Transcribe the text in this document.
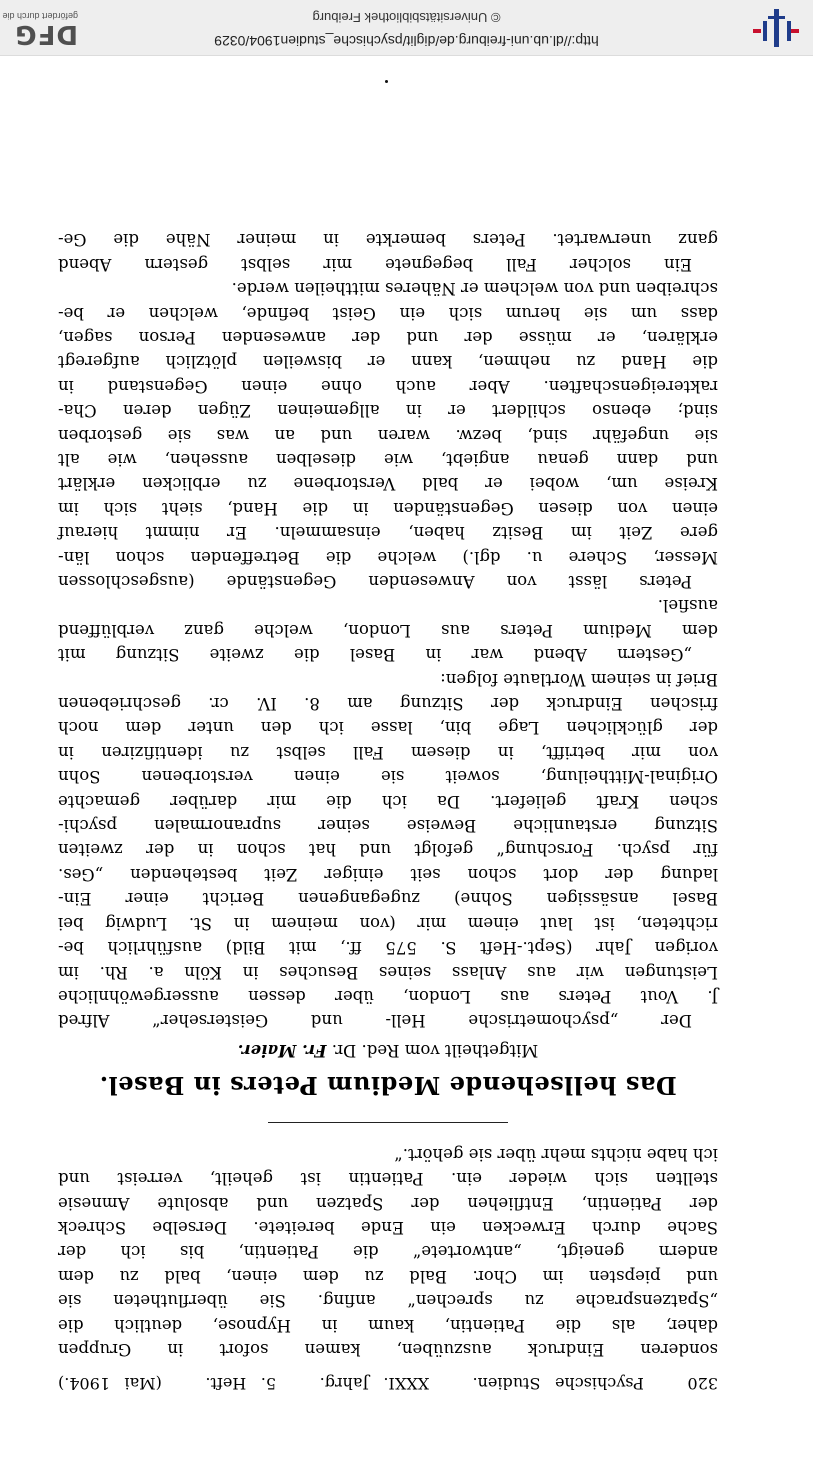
320   Psychische Studien.   XXXI. Jahrg.   5. Heft.   (Mai 1904.)

sonderen Eindruck auszuüben, kamen sofort in Gruppen

daher, als die Patientin, kaum in Hypnose, deutlich die

„Spatzensprache zu sprechen“ anfing. Sie überflutheten sie

und piepsten im Chor. Bald zu dem einen, bald zu dem

andern geneigt, „antwortete“ die Patientin, bis ich der

Sache durch Erwecken ein Ende bereitete. Derselbe Schreck

der Patientin, Entfliehen der Spatzen und absolute Amnesie

stellten sich wieder ein. Patientin ist geheilt, verreist und

ich habe nichts mehr über sie gehört.“

Das hellsehende Medium Peters in Basel.

Mitgetheilt vom Red. Dr. Fr. Maier.

Der „psychometrische Hell- und Geisterseher“ Alfred

J. Vout Peters aus London, über dessen aussergewöhnliche

Leistungen wir aus Anlass seines Besuches in Köln a. Rh. im

vorigen Jahr (Sept.-Heft S. 575 ff., mit Bild) ausführlich be-

richteten, ist laut einem mir (von meinem in St. Ludwig bei

Basel ansässigen Sohne) zugegangenen Bericht einer Ein-

ladung der dort schon seit einiger Zeit bestehenden „Ges.

für psych. Forschung“ gefolgt und hat schon in der zweiten

Sitzung erstaunliche Beweise seiner supranormalen psychi-

schen Kraft geliefert. Da ich die mir darüber gemachte

Original-Mittheilung, soweit sie einen verstorbenen Sohn

von mir betrifft, in diesem Fall selbst zu identifiziren in

der glücklichen Lage bin, lasse ich den unter dem noch

frischen Eindruck der Sitzung am 8. IV. cr. geschriebenen

Brief in seinem Wortlaute folgen:

„Gestern Abend war in Basel die zweite Sitzung mit

dem Medium Peters aus London, welche ganz verblüffend

ausfiel.

Peters lässt von Anwesenden Gegenstände (ausgeschlossen

Messer, Schere u. dgl.) welche die Betreffenden schon län-

gere Zeit im Besitz haben, einsammeln. Er nimmt hierauf

einen von diesen Gegenständen in die Hand, sieht sich im

Kreise um, wobei er bald Verstorbene zu erblicken erklärt

und dann genau angiebt, wie dieselben aussehen, wie alt

sie ungefähr sind, bezw. waren und an was sie gestorben

sind; ebenso schildert er in allgemeinen Zügen deren Cha-

raktereigenschaften. Aber auch ohne einen Gegenstand in

die Hand zu nehmen, kann er bisweilen plötzlich aufgeregt

erklären, er müsse der und der anwesenden Person sagen,

dass um sie herum sich ein Geist befinde, welchen er be-

schreiben und von welchem er Näheres mittheilen werde.

Ein solcher Fall begegnete mir selbst gestern Abend

ganz unerwartet. Peters bemerkte in meiner Nähe die Ge-

DFG
gefördert durch die
http://dl.ub.uni-freiburg.de/diglit/psychische_studien1904/0329
© Universitätsbibliothek Freiburg
